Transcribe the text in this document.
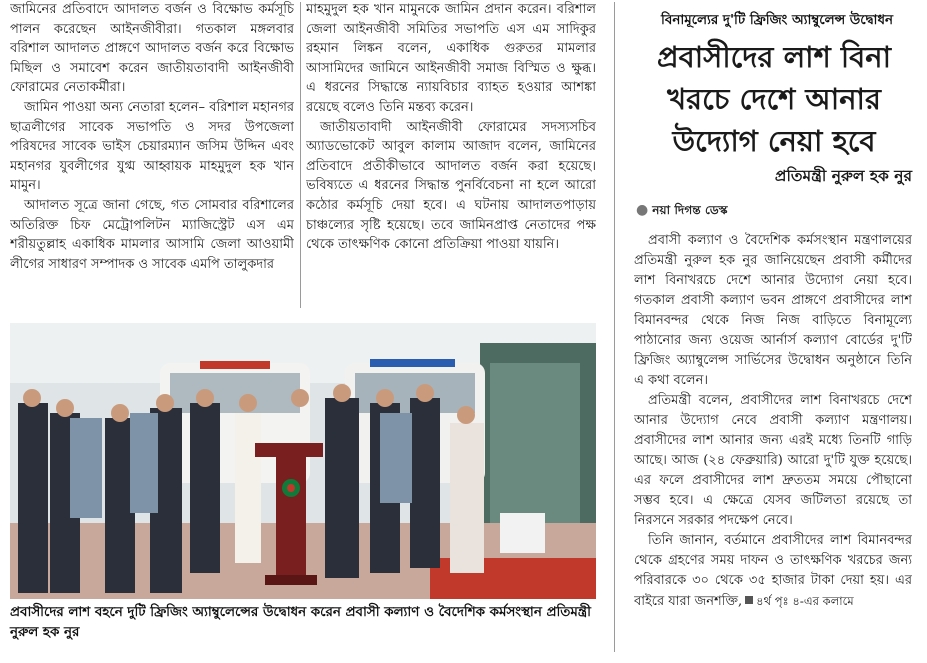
জামিনের প্রতিবাদে আদালত বর্জন ও বিক্ষোভ কর্মসূচি পালন করেছেন আইনজীবীরা। গতকাল মঙ্গলবার বরিশাল আদালত প্রাঙ্গণে আদালত বর্জন করে বিক্ষোভ মিছিল ও সমাবেশ করেন জাতীয়তাবাদী আইনজীবী ফোরামের নেতাকর্মীরা।

জামিন পাওয়া অন্য নেতারা হলেন– বরিশাল মহানগর ছাত্রলীগের সাবেক সভাপতি ও সদর উপজেলা পরিষদের সাবেক ভাইস চেয়ারম্যান জসিম উদ্দিন এবং মহানগর যুবলীগের যুগ্ম আহ্বায়ক মাহমুদুল হক খান মামুন।

আদালত সূত্রে জানা গেছে, গত সোমবার বরিশালের অতিরিক্ত চিফ মেট্রোপলিটন ম্যাজিস্ট্রেট এস এম শরীয়তুল্লাহ একাধিক মামলার আসামি জেলা আওয়ামী লীগের সাধারণ সম্পাদক ও সাবেক এমপি তালুকদার

মাহমুদুল হক খান মামুনকে জামিন প্রদান করেন। বরিশাল জেলা আইনজীবী সমিতির সভাপতি এস এম সাদিকুর রহমান লিঙ্কন বলেন, একাধিক গুরুতর মামলার আসামিদের জামিনে আইনজীবী সমাজ বিস্মিত ও ক্ষুব্ধ। এ ধরনের সিদ্ধান্তে ন্যায়বিচার ব্যাহত হওয়ার আশঙ্কা রয়েছে বলেও তিনি মন্তব্য করেন।

জাতীয়তাবাদী আইনজীবী ফোরামের সদস্যসচিব অ্যাডভোকেট আবুল কালাম আজাদ বলেন, জামিনের প্রতিবাদে প্রতীকীভাবে আদালত বর্জন করা হয়েছে। ভবিষ্যতে এ ধরনের সিদ্ধান্ত পুনর্বিবেচনা না হলে আরো কঠোর কর্মসূচি দেয়া হবে। এ ঘটনায় আদালতপাড়ায় চাঞ্চল্যের সৃষ্টি হয়েছে। তবে জামিনপ্রাপ্ত নেতাদের পক্ষ থেকে তাৎক্ষণিক কোনো প্রতিক্রিয়া পাওয়া যায়নি।

প্রবাসীদের লাশ বহনে দুটি ফ্রিজিং অ্যাম্বুলেন্সের উদ্বোধন করেন প্রবাসী কল্যাণ ও বৈদেশিক কর্মসংস্থান প্রতিমন্ত্রী নুরুল হক নুর
বিনামূল্যের দু'টি ফ্রিজিং অ্যাম্বুলেন্স উদ্বোধন
প্রবাসীদের লাশ বিনা খরচে দেশে আনার উদ্যোগ নেয়া হবে
প্রতিমন্ত্রী নুরুল হক নুর
● নয়া দিগন্ত ডেস্ক

প্রবাসী কল্যাণ ও বৈদেশিক কর্মসংস্থান মন্ত্রণালয়ের প্রতিমন্ত্রী নুরুল হক নুর জানিয়েছেন প্রবাসী কর্মীদের লাশ বিনাখরচে দেশে আনার উদ্যোগ নেয়া হবে। গতকাল প্রবাসী কল্যাণ ভবন প্রাঙ্গণে প্রবাসীদের লাশ বিমানবন্দর থেকে নিজ নিজ বাড়িতে বিনামূল্যে পাঠানোর জন্য ওয়েজ আর্নার্স কল্যাণ বোর্ডের দু'টি ফ্রিজিং অ্যাম্বুলেন্স সার্ভিসের উদ্বোধন অনুষ্ঠানে তিনি এ কথা বলেন।

প্রতিমন্ত্রী বলেন, প্রবাসীদের লাশ বিনাখরচে দেশে আনার উদ্যোগ নেবে প্রবাসী কল্যাণ মন্ত্রণালয়। প্রবাসীদের লাশ আনার জন্য এরই মধ্যে তিনটি গাড়ি আছে। আজ (২৪ ফেব্রুয়ারি) আরো দু'টি যুক্ত হয়েছে। এর ফলে প্রবাসীদের লাশ দ্রুততম সময়ে পৌছানো সম্ভব হবে। এ ক্ষেত্রে যেসব জটিলতা রয়েছে তা নিরসনে সরকার পদক্ষেপ নেবে।

তিনি জানান, বর্তমানে প্রবাসীদের লাশ বিমানবন্দর থেকে গ্রহণের সময় দাফন ও তাৎক্ষণিক খরচের জন্য পরিবারকে ৩০ থেকে ৩৫ হাজার টাকা দেয়া হয়। এর বাইরে যারা জনশক্তি, ৪র্থ পৃঃ ৪-এর কলামে
